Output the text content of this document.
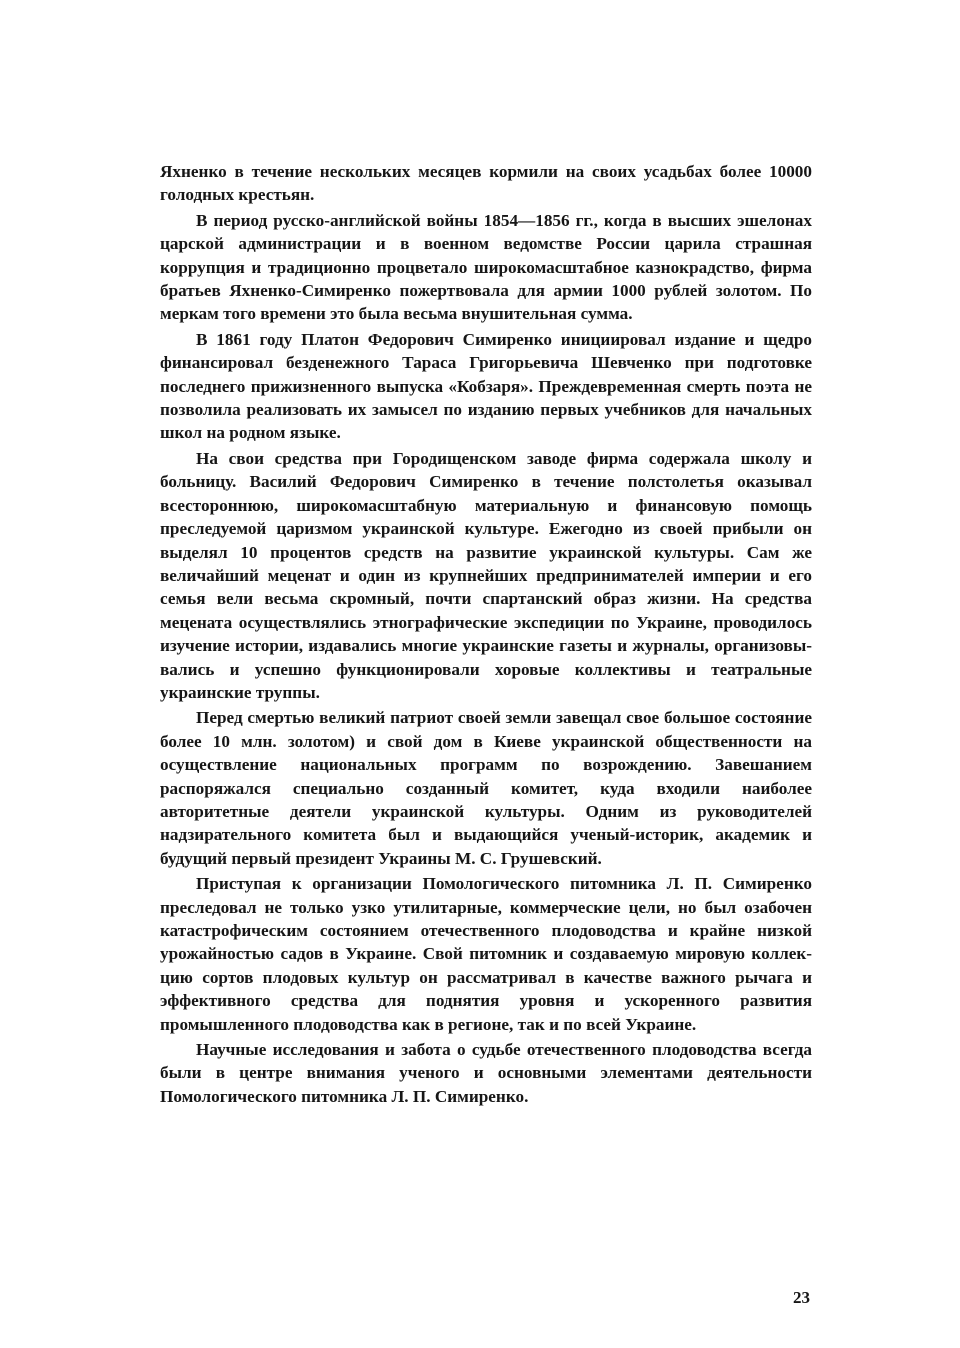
Яхненко в течение нескольких месяцев кормили на своих усадьбах более 10000 голодных крестьян.

В период русско-английской войны 1854—1856 гг., когда в высших эшелонах царской администрации и в военном ведомстве России царила страшная коррупция и традиционно процветало широкомасштабное казнокрадство, фирма братьев Яхненко-Симиренко пожертвовала для армии 1000 рублей золотом. По меркам того времени это была весьма внушительная сумма.

В 1861 году Платон Федорович Симиренко инициировал издание и щедро финансировал безденежного Тараса Григорьевича Шевченко при подготовке последнего прижизненного выпуска «Кобзаря». Преждевременная смерть поэта не позволила реализовать их замысел по изданию первых учебников для начальных школ на родном языке.

На свои средства при Городищенском заводе фирма содержала школу и больницу. Василий Федорович Симиренко в течение полстолетья оказывал всестороннюю, широкомасштабную материальную и финансовую помощь преследуемой царизмом украинской культуре. Ежегодно из своей прибыли он выделял 10 процентов средств на развитие украинской культуры. Сам же величайший меценат и один из крупнейших предпринимателей империи и его семья вели весьма скромный, почти спартанский образ жизни. На средства мецената осуществлялись этнографические экспедиции по Украине, проводилось изучение истории, издавались многие украинские газеты и журналы, организовывались и успешно функционировали хоровые коллективы и театральные украинские труппы.

Перед смертью великий патриот своей земли завещал свое большое состояние более 10 млн. золотом) и свой дом в Киеве украинской общественности на осуществление национальных программ по возрождению. Завешанием распоряжался специально созданный комитет, куда входили наиболее авторитетные деятели украинской культуры. Одним из руководителей надзирательного комитета был и выдающийся ученый-историк, академик и будущий первый президент Украины М. С. Грушевский.

Приступая к организации Помологического питомника Л. П. Симиренко преследовал не только узко утилитарные, коммерческие цели, но был озабочен катастрофическим состоянием отечественного плодоводства и крайне низкой урожайностью садов в Украине. Свой питомник и создаваемую мировую коллекцию сортов плодовых культур он рассматривал в качестве важного рычага и эффективного средства для поднятия уровня и ускоренного развития промышленного плодоводства как в регионе, так и по всей Украине.

Научные исследования и забота о судьбе отечественного плодоводства всегда были в центре внимания ученого и основными элементами деятельности Помологического питомника Л. П. Симиренко.

23
